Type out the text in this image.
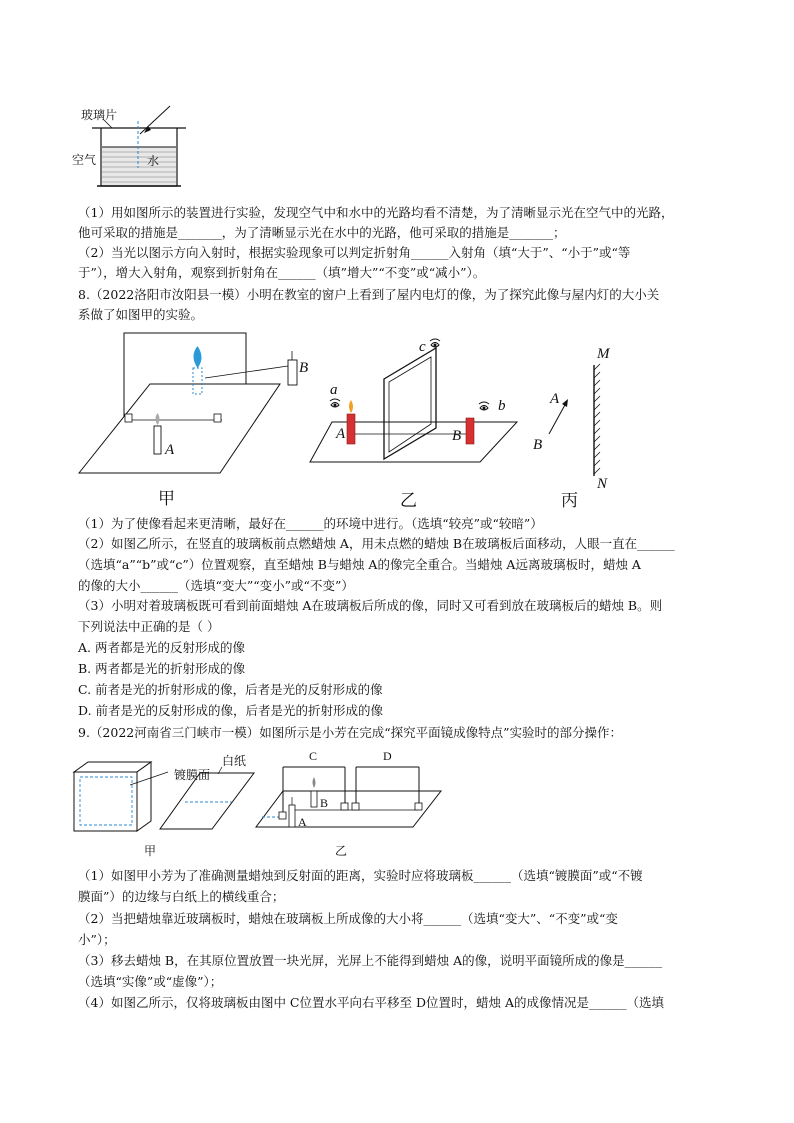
玻璃片
空气	水
（1）用如图所示的装置进行实验，发现空气中和水中的光路均看不清楚，为了清晰显示光在空气中的光路，
他可采取的措施是_______，为了清晰显示光在水中的光路，他可采取的措施是_______；
（2）当光以图示方向入射时，根据实验现象可以判定折射角______入射角（填“大于”、“小于”或“等
于”），增大入射角，观察到折射角在______（填”增大”“不变”或“减小”）。
8.（2022洛阳市汝阳县一模）小明在教室的窗户上看到了屋内电灯的像，为了探究此像与屋内灯的大小关
系做了如图甲的实验。
B
A
a
b
c
A	B
M
N
A
B
甲	乙	丙
（1）为了使像看起来更清晰，最好在______的环境中进行。（选填“较亮”或“较暗”）
（2）如图乙所示，在竖直的玻璃板前点燃蜡烛 A，用未点燃的蜡烛 B在玻璃板后面移动，人眼一直在______
（选填“a”“b”或“c”）位置观察，直至蜡烛 B与蜡烛 A的像完全重合。当蜡烛 A远离玻璃板时，蜡烛 A
的像的大小______（选填“变大”“变小”或“不变”）
（3）小明对着玻璃板既可看到前面蜡烛 A在玻璃板后所成的像，同时又可看到放在玻璃板后的蜡烛 B。则
下列说法中正确的是（ ）
A. 两者都是光的反射形成的像
B. 两者都是光的折射形成的像
C. 前者是光的折射形成的像，后者是光的反射形成的像
D. 前者是光的反射形成的像，后者是光的折射形成的像
9.（2022河南省三门峡市一模）如图所示是小芳在完成“探究平面镜成像特点”实验时的部分操作：
镀膜面
白纸	C	D
A
B
甲	乙
（1）如图甲小芳为了准确测量蜡烛到反射面的距离，实验时应将玻璃板______（选填“镀膜面”或“不镀
膜面”）的边缘与白纸上的横线重合；
（2）当把蜡烛靠近玻璃板时，蜡烛在玻璃板上所成像的大小将______（选填“变大”、“不变”或“变
小”）；
（3）移去蜡烛 B，在其原位置放置一块光屏，光屏上不能得到蜡烛 A的像，说明平面镜所成的像是______
（选填“实像”或“虚像”）；
（4）如图乙所示，仅将玻璃板由图中 C位置水平向右平移至 D位置时，蜡烛 A的成像情况是______（选填
